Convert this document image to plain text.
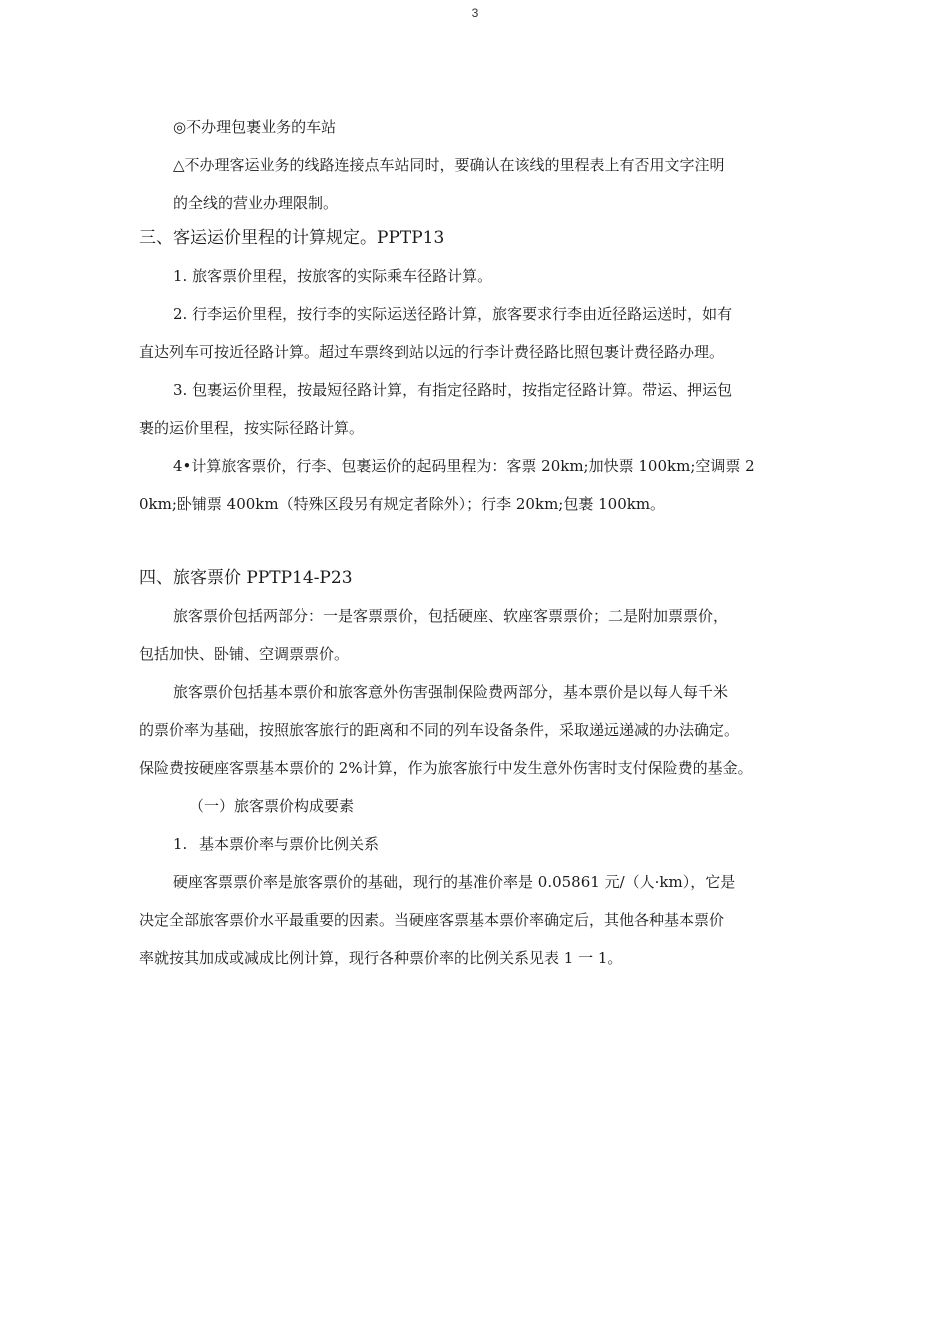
3

◎不办理包裹业务的车站

△不办理客运业务的线路连接点车站同时，要确认在该线的里程表上有否用文字注明

的全线的营业办理限制。

三、客运运价里程的计算规定。PPTP13

1. 旅客票价里程，按旅客的实际乘车径路计算。

2. 行李运价里程，按行李的实际运送径路计算，旅客要求行李由近径路运送时，如有

直达列车可按近径路计算。超过车票终到站以远的行李计费径路比照包裹计费径路办理。

3. 包裹运价里程，按最短径路计算，有指定径路时，按指定径路计算。带运、押运包

裹的运价里程，按实际径路计算。

4•计算旅客票价，行李、包裹运价的起码里程为：客票 20km;加快票 100km;空调票 2

0km;卧铺票 400km（特殊区段另有规定者除外）；行李 20km;包裹 100km。

四、旅客票价 PPTP14-P23

旅客票价包括两部分：一是客票票价，包括硬座、软座客票票价；二是附加票票价，

包括加快、卧铺、空调票票价。

旅客票价包括基本票价和旅客意外伤害强制保险费两部分，基本票价是以每人每千米

的票价率为基础，按照旅客旅行的距离和不同的列车设备条件，采取递远递减的办法确定。

保险费按硬座客票基本票价的 2%计算，作为旅客旅行中发生意外伤害时支付保险费的基金。

（一）旅客票价构成要素

1. 基本票价率与票价比例关系

硬座客票票价率是旅客票价的基础，现行的基准价率是 0.05861 元/（人·km），它是

决定全部旅客票价水平最重要的因素。当硬座客票基本票价率确定后，其他各种基本票价

率就按其加成或减成比例计算，现行各种票价率的比例关系见表 1 一 1。
